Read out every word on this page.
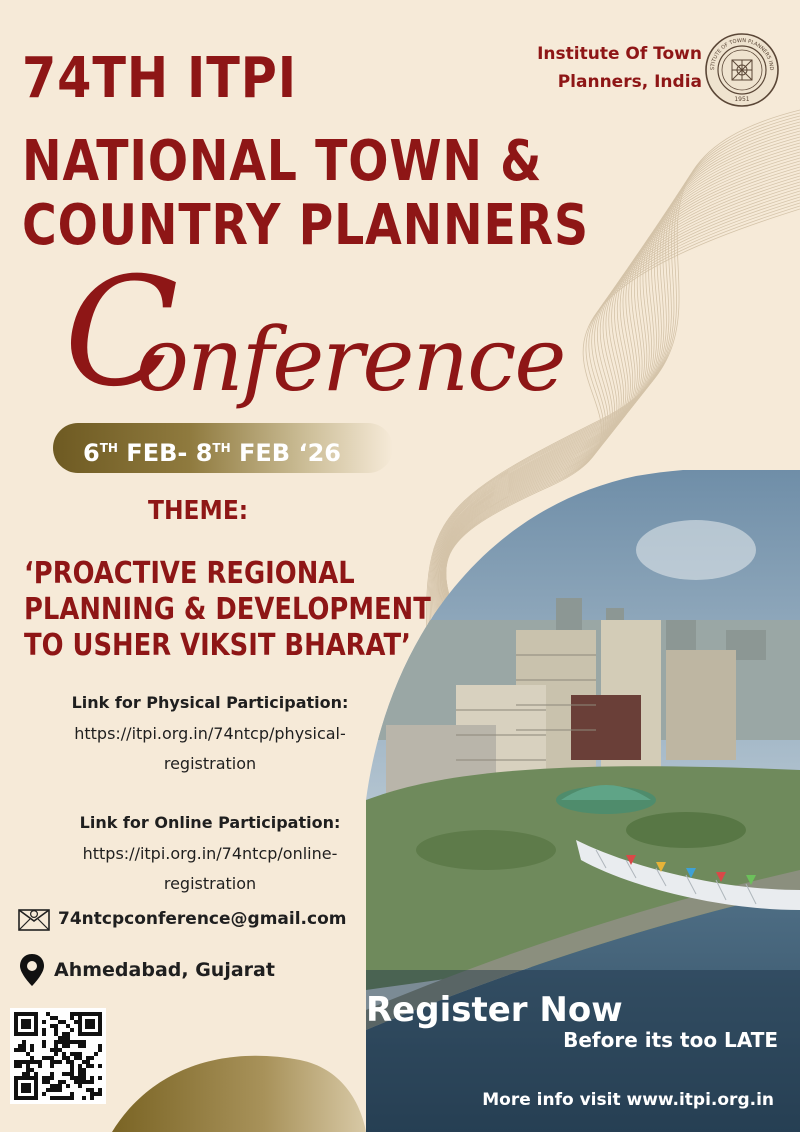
74TH ITPI
NATIONAL TOWN &
COUNTRY PLANNERS
C
onference
Institute Of Town
Planners, India
STITUTE OF TOWN PLANNERS IND
1951
6TH FEB- 8TH FEB ‘26
THEME:
‘PROACTIVE REGIONAL
PLANNING & DEVELOPMENT
TO USHER VIKSIT BHARAT’
Link for Physical Participation:
https://itpi.org.in/74ntcp/physical-
registration
Link for Online Participation:
https://itpi.org.in/74ntcp/online-
registration
74ntcpconference@gmail.com
Ahmedabad, Gujarat
Register Now
Before its too LATE
More info visit www.itpi.org.in
